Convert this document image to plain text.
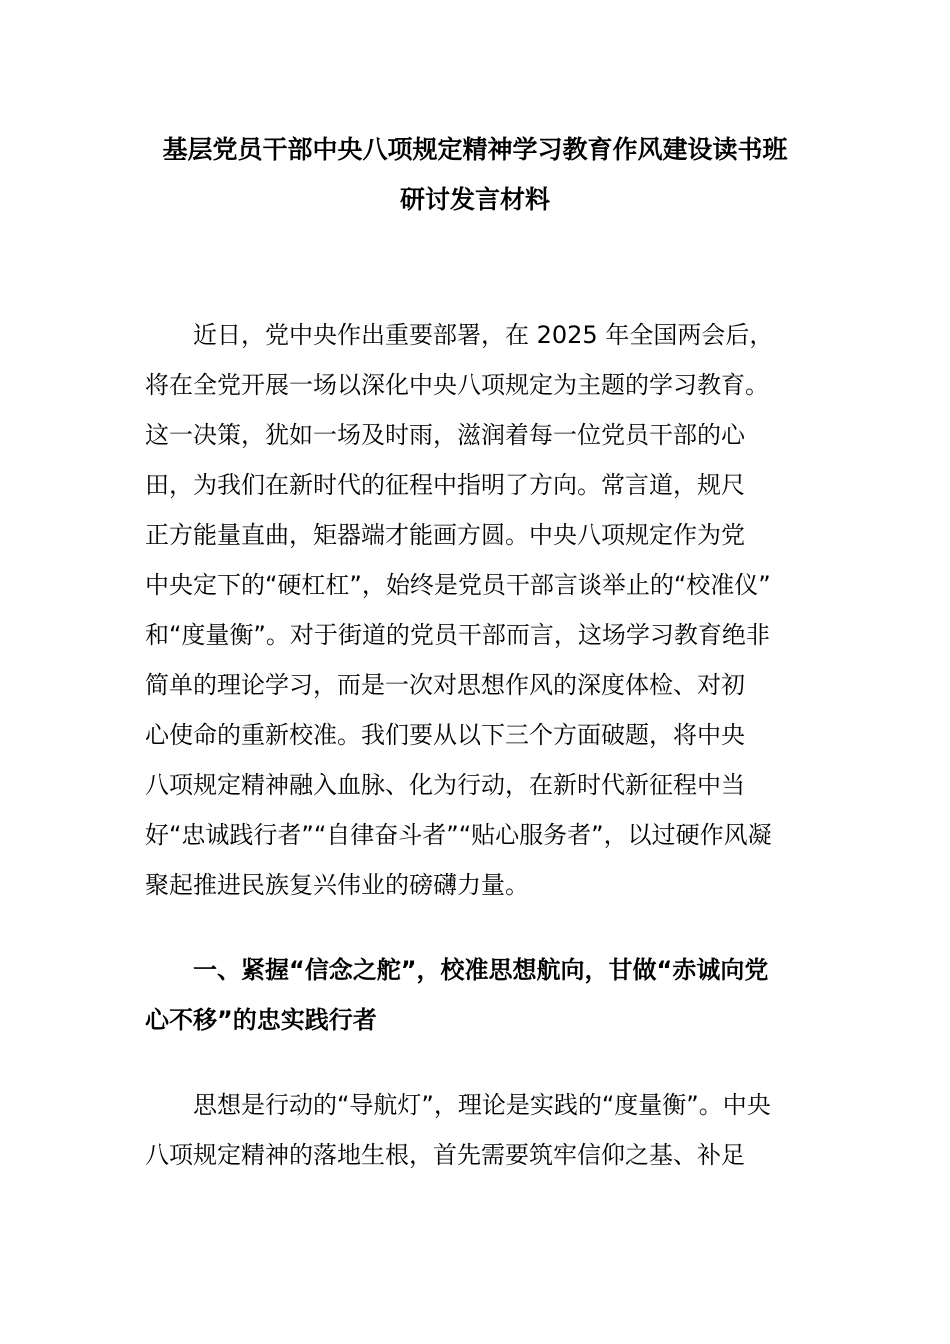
基层党员干部中央八项规定精神学习教育作风建设读书班
研讨发言材料
近日，党中央作出重要部署，在 2025 年全国两会后，
将在全党开展一场以深化中央八项规定为主题的学习教育。
这一决策，犹如一场及时雨，滋润着每一位党员干部的心
田，为我们在新时代的征程中指明了方向。常言道，规尺
正方能量直曲，矩器端才能画方圆。中央八项规定作为党
中央定下的“硬杠杠”，始终是党员干部言谈举止的“校准仪”
和“度量衡”。对于街道的党员干部而言，这场学习教育绝非
简单的理论学习，而是一次对思想作风的深度体检、对初
心使命的重新校准。我们要从以下三个方面破题，将中央
八项规定精神融入血脉、化为行动，在新时代新征程中当
好“忠诚践行者”“自律奋斗者”“贴心服务者”，以过硬作风凝
聚起推进民族复兴伟业的磅礴力量。
一、紧握“信念之舵”，校准思想航向，甘做“赤诚向党
心不移”的忠实践行者
思想是行动的“导航灯”，理论是实践的“度量衡”。中央
八项规定精神的落地生根，首先需要筑牢信仰之基、补足
